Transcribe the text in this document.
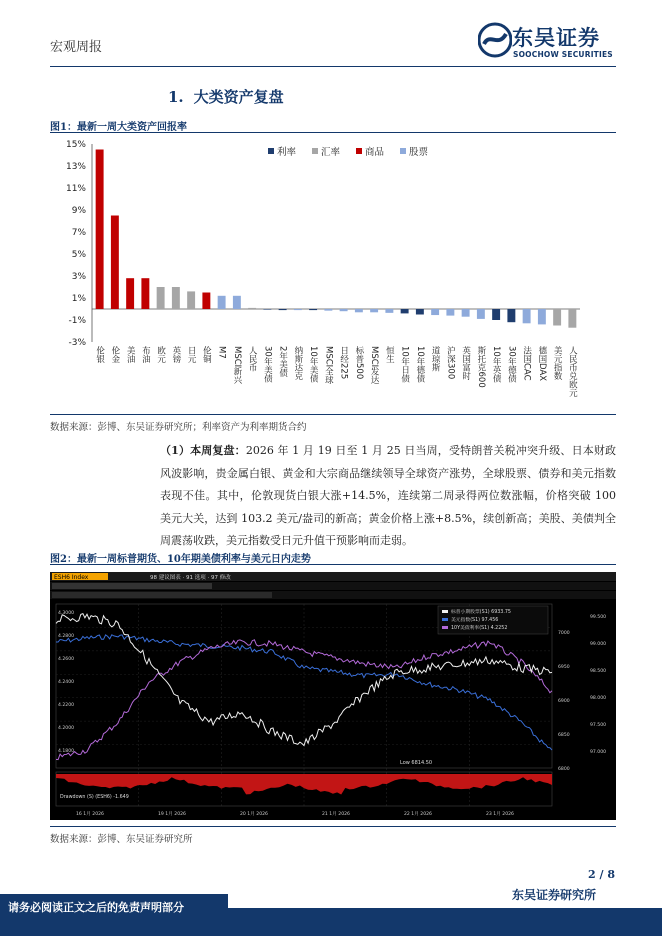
宏观周报	东吴证券
SOOCHOW SECURITIES
1. 大类资产复盘
图1：最新一周大类资产回报率
15%
13%
11%
9%
7%
5%
3%
1%
-1%
-3%
伦银 伦金 美油 布油 欧元 英镑 日元 伦铜 M7 MSCI新兴 人民币 30年美债 2年美债 纳斯达克 10年美债 MSCI全球 日经225 标普500 MSCI发达 恒生 10年日债 10年德债 道琼斯 沪深300 英国富时 斯托克600 10年英债 30年德债 法国CAC 德国DAX 美元指数 人民币兑欧元
利率	汇率	商品	股票
数据来源：彭博、东吴证券研究所；利率资产为利率期货合约
（1）本周复盘：2026 年 1 月 19 日至 1 月 25 日当周，受特朗普关税冲突升级、日本财政风波影响，贵金属白银、黄金和大宗商品继续领导全球资产涨势，全球股票、债券和美元指数表现不佳。其中，伦敦现货白银大涨+14.5%，连续第二周录得两位数涨幅，价格突破 100 美元大关，达到 103.2 美元/盎司的新高；黄金价格上涨+8.5%，续创新高；美股、美债判全周震荡收跌，美元指数受日元升值干预影响而走弱。
图2：最新一周标普期货、10年期美债利率与美元日内走势
ESH6 Index	98 建议图表 · 91 选项 · 97 修改
4.3000
4.2800
4.2600
4.2400
4.2200
4.2000
4.1800
99.500
99.000
98.500
98.000
97.500
97.000
7000
6950
6900
6850
6800
Low 6814.50
标普小期股票(S1) 6933.75
美元指数(S1) 97.456
10Y美债利率(S1) 4.2252
Drawdown (S) (ESH6) -1.649
16 1月 2026	19 1月 2026	20 1月 2026	21 1月 2026	22 1月 2026	23 1月 2026
数据来源：彭博、东吴证券研究所
2 / 8
东吴证券研究所
请务必阅读正文之后的免责声明部分
